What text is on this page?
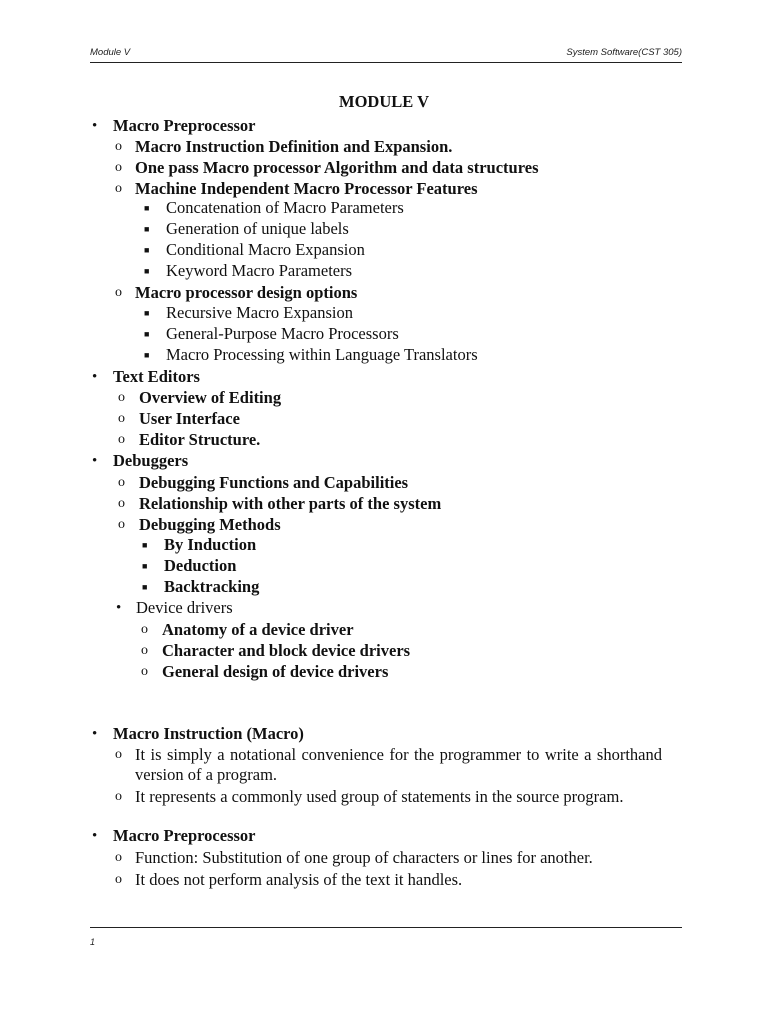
Module V	System Software(CST 305)
MODULE V
• Macro Preprocessor
o Macro Instruction Definition and Expansion.
o One pass Macro processor Algorithm and data structures
o Machine Independent Macro Processor Features
■ Concatenation of Macro Parameters
■ Generation of unique labels
■ Conditional Macro Expansion
■ Keyword Macro Parameters
o Macro processor design options
■ Recursive Macro Expansion
■ General-Purpose Macro Processors
■ Macro Processing within Language Translators
• Text Editors
o Overview of Editing
o User Interface
o Editor Structure.
• Debuggers
o Debugging Functions and Capabilities
o Relationship with other parts of the system
o Debugging Methods
■ By Induction
■ Deduction
■ Backtracking
• Device drivers
o Anatomy of a device driver
o Character and block device drivers
o General design of device drivers
• Macro Instruction (Macro)
o It is simply a notational convenience for the programmer to write a shorthand version of a program.
o It represents a commonly used group of statements in the source program.
• Macro Preprocessor
o Function: Substitution of one group of characters or lines for another.
o It does not perform analysis of the text it handles.
1
